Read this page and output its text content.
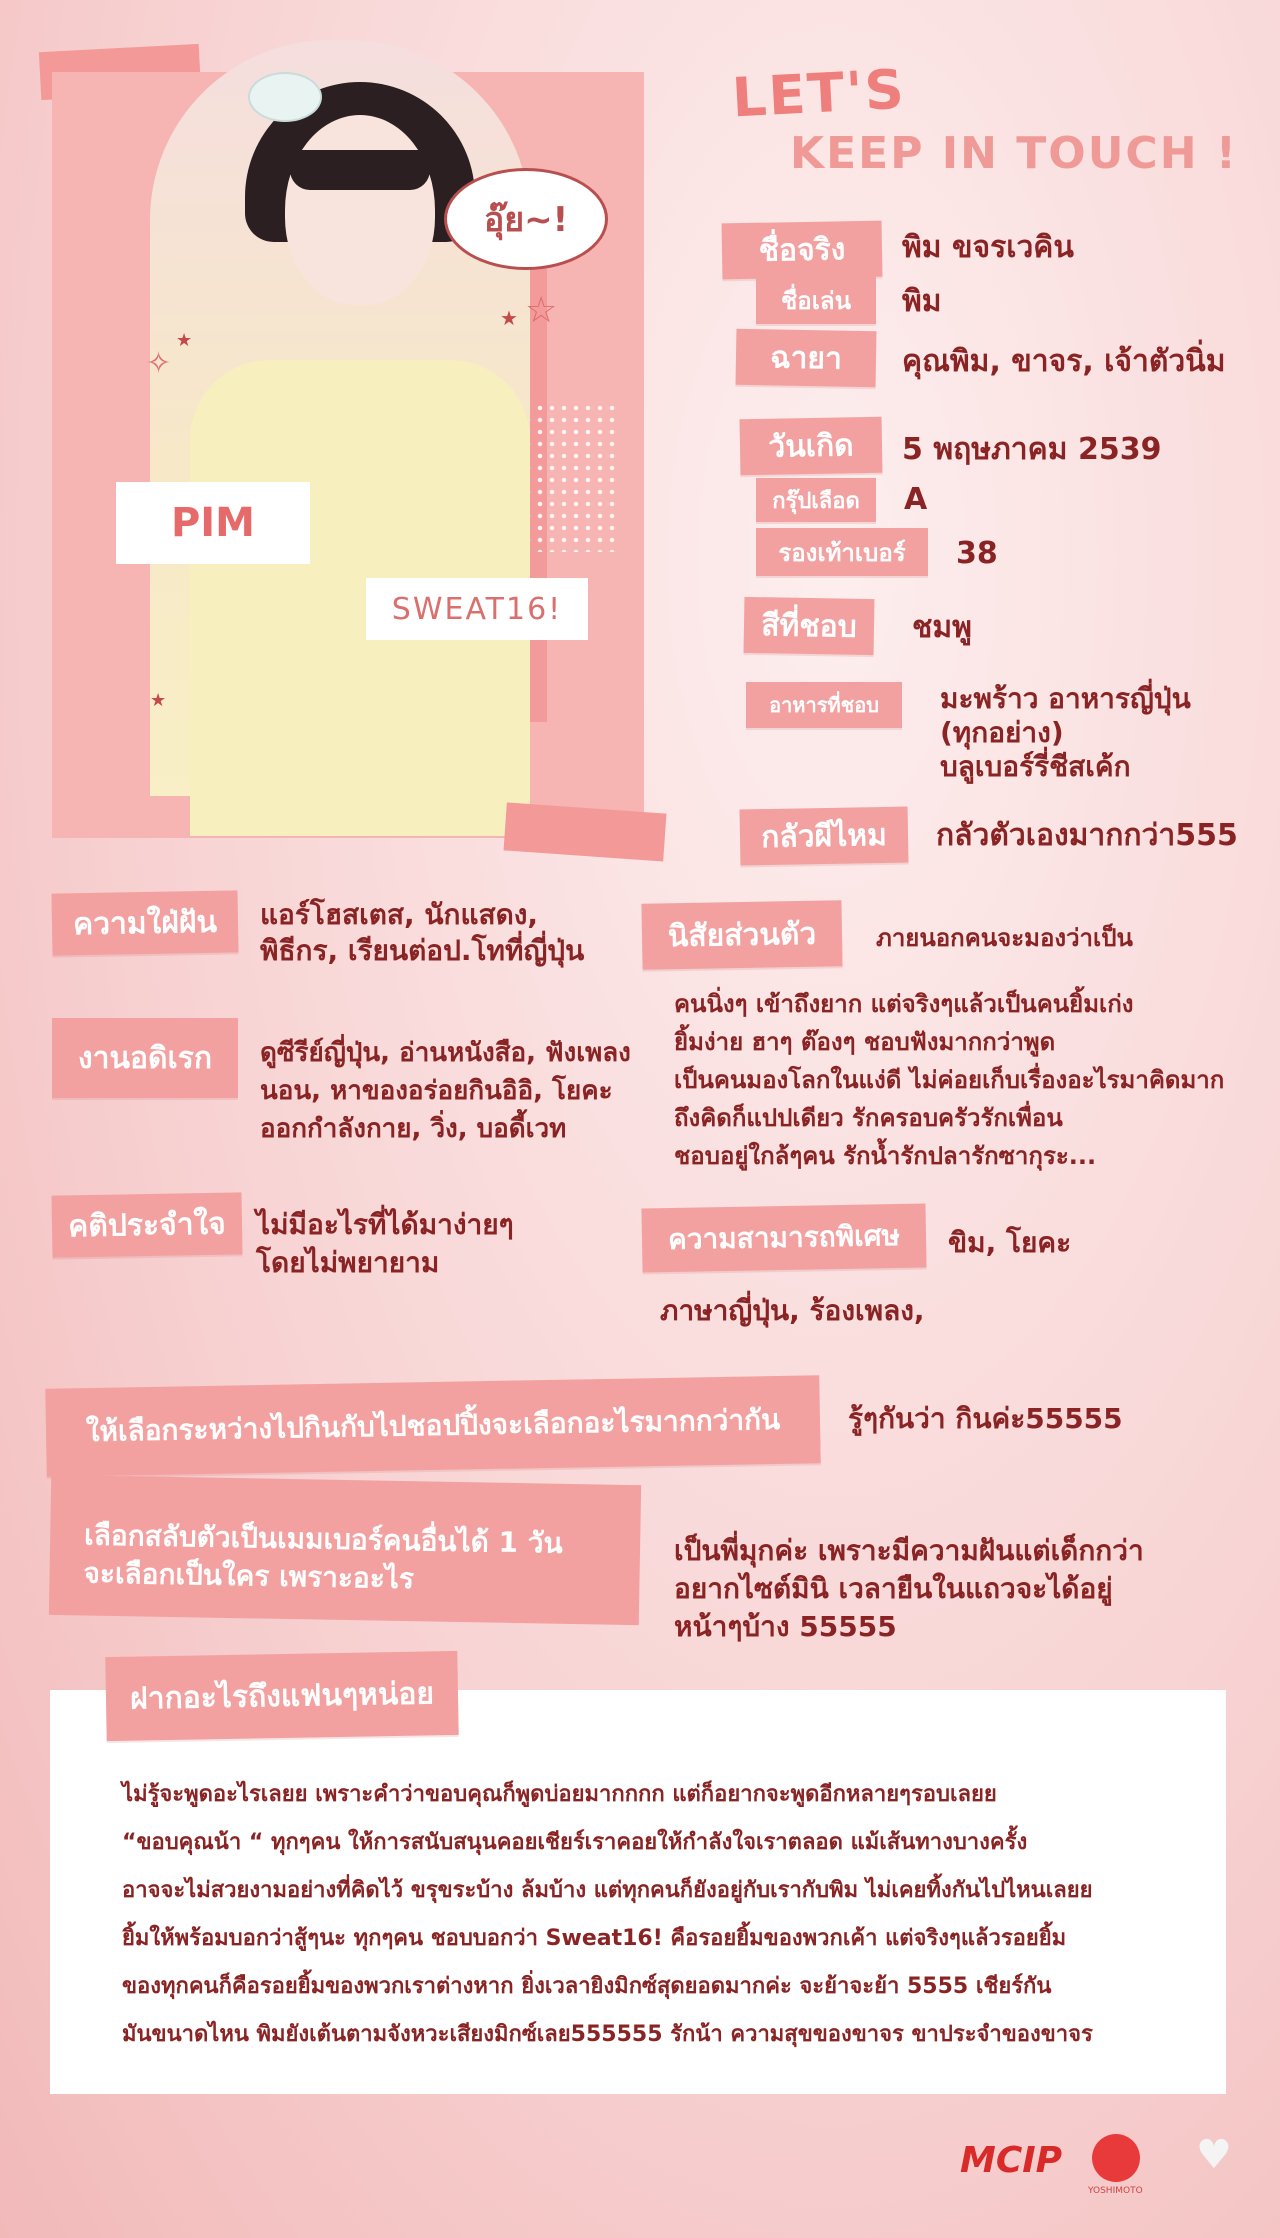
LET'S
KEEP IN TOUCH !
อุ๊ย~!
☆
★
✧
★
★
PIM
SWEAT16!
ชื่อจริง	พิม ขจรเวคิน
ชื่อเล่น	พิม
ฉายา	คุณพิม, ขาจร, เจ้าตัวนิ่ม
วันเกิด	5 พฤษภาคม 2539
กรุ๊ปเลือด	A
รองเท้าเบอร์	38
สีที่ชอบ	ชมพู
อาหารที่ชอบ	มะพร้าว อาหารญี่ปุ่น
(ทุกอย่าง)
บลูเบอร์รี่ชีสเค้ก
กลัวผีไหม	กลัวตัวเองมากกว่า555
ความใฝ่ฝัน	แอร์โฮสเตส, นักแสดง,
พิธีกร, เรียนต่อป.โทที่ญี่ปุ่น
งานอดิเรก	ดูซีรีย์ญี่ปุ่น, อ่านหนังสือ, ฟังเพลง
นอน, หาของอร่อยกินอิอิ, โยคะ
ออกกำลังกาย, วิ่ง, บอดี้เวท
คติประจำใจ	ไม่มีอะไรที่ได้มาง่ายๆ
โดยไม่พยายาม
นิสัยส่วนตัว	ภายนอกคนจะมองว่าเป็น
คนนิ่งๆ เข้าถึงยาก แต่จริงๆแล้วเป็นคนยิ้มเก่ง
ยิ้มง่าย ฮาๆ ต๊องๆ ชอบฟังมากกว่าพูด
เป็นคนมองโลกในแง่ดี ไม่ค่อยเก็บเรื่องอะไรมาคิดมาก
ถึงคิดก็แปปเดียว รักครอบครัวรักเพื่อน
ชอบอยู่ใกล้ๆคน รักน้ำรักปลารักซากุระ...
ความสามารถพิเศษ	ขิม, โยคะ
ภาษาญี่ปุ่น, ร้องเพลง,
ให้เลือกระหว่างไปกินกับไปชอปปิ้งจะเลือกอะไรมากกว่ากัน	รู้ๆกันว่า กินค่ะ55555
เลือกสลับตัวเป็นเมมเบอร์คนอื่นได้ 1 วัน
จะเลือกเป็นใคร เพราะอะไร
เป็นพี่มุกค่ะ เพราะมีความฝันแต่เด็กกว่า
อยากไซต์มินิ เวลายืนในแถวจะได้อยู่
หน้าๆบ้าง 55555
ไม่รู้จะพูดอะไรเลยย เพราะคำว่าขอบคุณก็พูดบ่อยมากกกก แต่ก็อยากจะพูดอีกหลายๆรอบเลยย
“ขอบคุณน้า “ ทุกๆคน ให้การสนับสนุนคอยเชียร์เราคอยให้กำลังใจเราตลอด แม้เส้นทางบางครั้ง
อาจจะไม่สวยงามอย่างที่คิดไว้ ขรุขระบ้าง ล้มบ้าง แต่ทุกคนก็ยังอยู่กับเรากับพิม ไม่เคยทิ้งกันไปไหนเลยย
ยิ้มให้พร้อมบอกว่าสู้ๆนะ ทุกๆคน ชอบบอกว่า Sweat16! คือรอยยิ้มของพวกเค้า แต่จริงๆแล้วรอยยิ้ม
ของทุกคนก็คือรอยยิ้มของพวกเราต่างหาก ยิ่งเวลายิงมิกซ์สุดยอดมากค่ะ จะย้าจะย้า 5555 เชียร์กัน
มันขนาดไหน พิมยังเต้นตามจังหวะเสียงมิกซ์เลย555555 รักน้า ความสุขของขาจร ขาประจำของขาจร
ฝากอะไรถึงแฟนๆหน่อย
MCIP
YOSHIMOTO
♥
